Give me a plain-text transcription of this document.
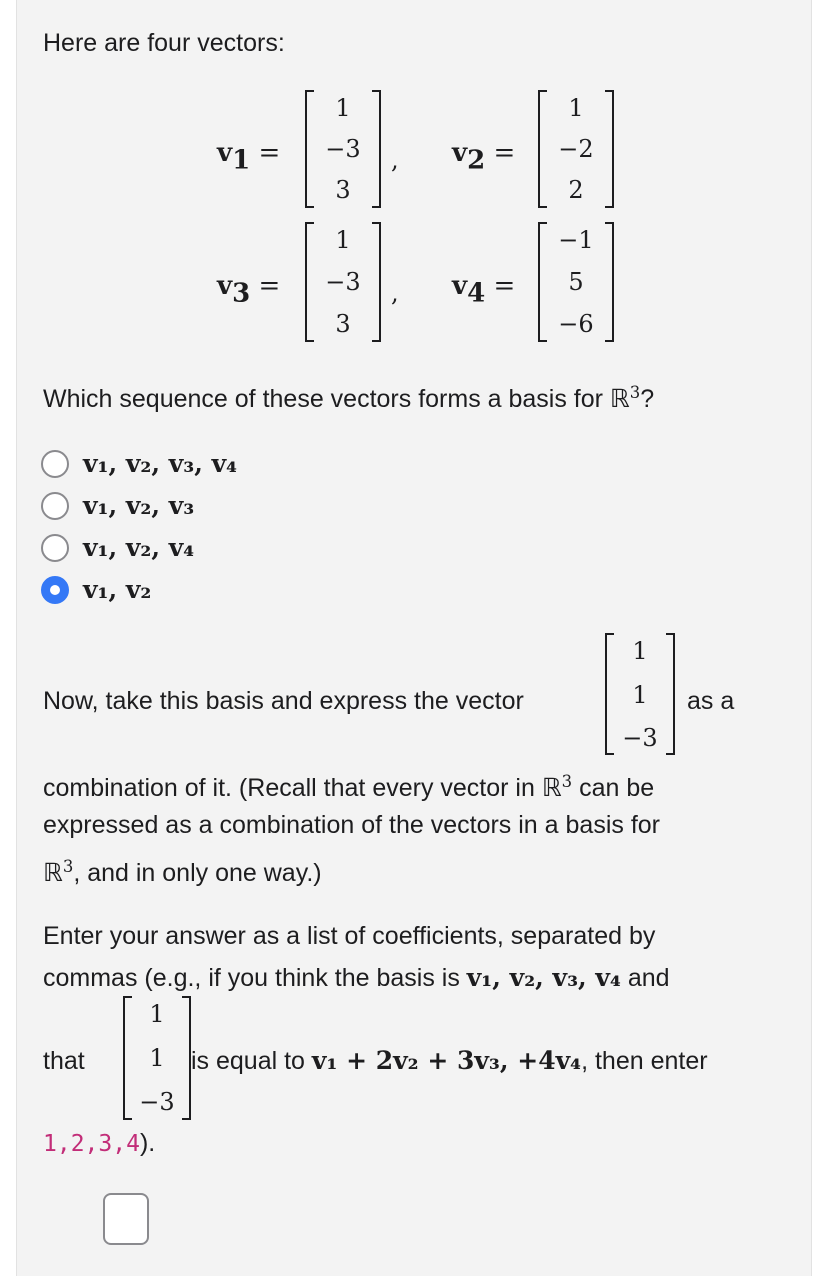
Here are four vectors:
v1 =
1
−3
3
, v2 =
1
−2
2
v3 =
1
−3
3
, v4 =
−1
5
−6
Which sequence of these vectors forms a basis for ℝ$^3$?
v₁, v₂, v₃, v₄
v₁, v₂, v₃
v₁, v₂, v₄
v₁, v₂
Now, take this basis and express the vector
1
1
−3
as a
combination of it. (Recall that every vector in ℝ$^3$ can be
expressed as a combination of the vectors in a basis for
ℝ$^3$, and in only one way.)
Enter your answer as a list of coefficients, separated by
commas (e.g., if you think the basis is v₁, v₂, v₃, v₄ and
that
1
1
−3
is equal to v₁ + 2v₂ + 3v₃, +4v₄, then enter
1,2,3,4).
